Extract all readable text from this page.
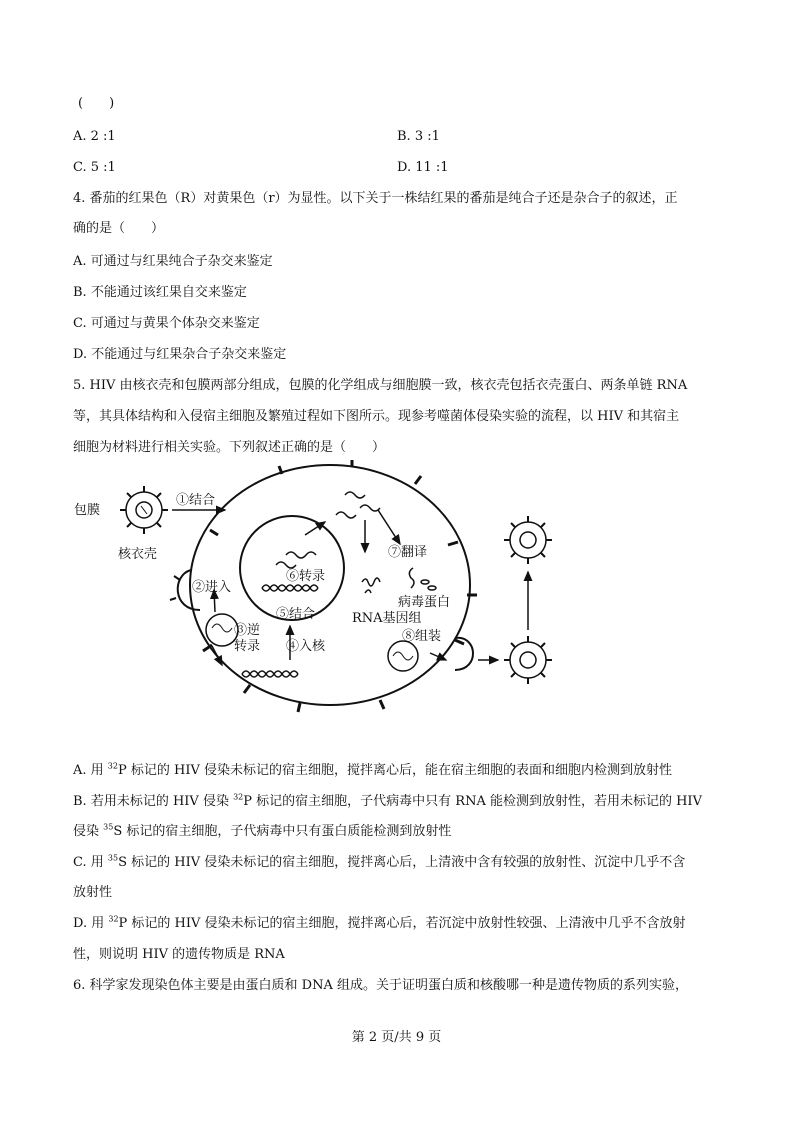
(　　)
A. 2 :1	B. 3 :1
C. 5 :1	D. 11 :1
4. 番茄的红果色（R）对黄果色（r）为显性。以下关于一株结红果的番茄是纯合子还是杂合子的叙述，正
确的是（　　）
A. 可通过与红果纯合子杂交来鉴定
B. 不能通过该红果自交来鉴定
C. 可通过与黄果个体杂交来鉴定
D. 不能通过与红果杂合子杂交来鉴定
5. HIV 由核衣壳和包膜两部分组成，包膜的化学组成与细胞膜一致，核衣壳包括衣壳蛋白、两条单链 RNA
等，其具体结构和入侵宿主细胞及繁殖过程如下图所示。现参考噬菌体侵染实验的流程，以 HIV 和其宿主
细胞为材料进行相关实验。下列叙述正确的是（　　）
包膜
核衣壳
①结合
②进入
③逆
转录 ④入核
⑤结合
⑥转录
⑦翻译
⑧组装
病毒蛋白
RNA基因组
A. 用 $^{32}$P 标记的 HIV 侵染未标记的宿主细胞，搅拌离心后，能在宿主细胞的表面和细胞内检测到放射性
B. 若用未标记的 HIV 侵染 $^{32}$P 标记的宿主细胞，子代病毒中只有 RNA 能检测到放射性，若用未标记的 HIV
侵染 $^{35}$S 标记的宿主细胞，子代病毒中只有蛋白质能检测到放射性
C. 用 $^{35}$S 标记的 HIV 侵染未标记的宿主细胞，搅拌离心后，上清液中含有较强的放射性、沉淀中几乎不含
放射性
D. 用 $^{32}$P 标记的 HIV 侵染未标记的宿主细胞，搅拌离心后，若沉淀中放射性较强、上清液中几乎不含放射
性，则说明 HIV 的遗传物质是 RNA
6. 科学家发现染色体主要是由蛋白质和 DNA 组成。关于证明蛋白质和核酸哪一种是遗传物质的系列实验，
第 2 页/共 9 页
